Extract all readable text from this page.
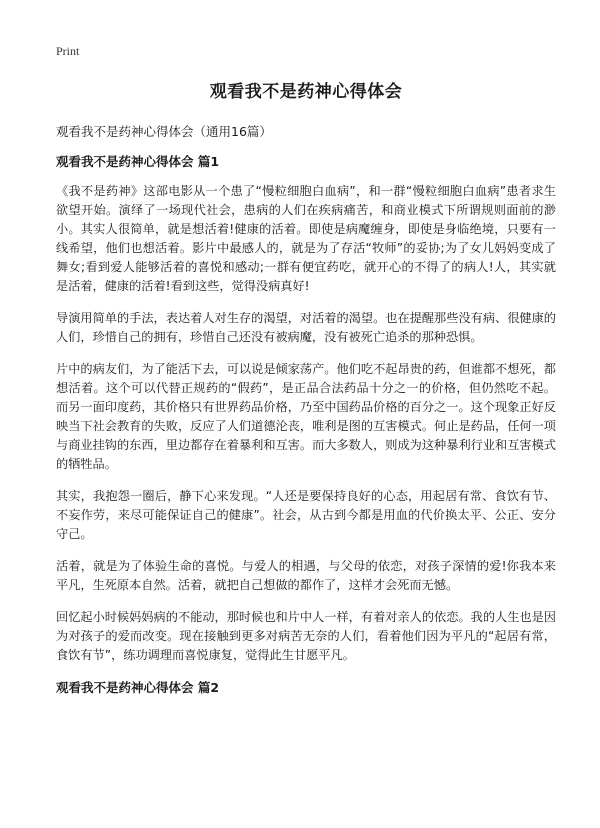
Print
观看我不是药神心得体会
观看我不是药神心得体会（通用16篇）
观看我不是药神心得体会 篇1
《我不是药神》这部电影从一个患了“慢粒细胞白血病”，和一群“慢粒细胞白血病”患者求生欲望开始。演绎了一场现代社会，患病的人们在疾病痛苦，和商业模式下所谓规则面前的渺小。其实人很简单，就是想活着!健康的活着。即使是病魔缠身，即使是身临绝境，只要有一线希望，他们也想活着。影片中最感人的，就是为了存活“牧师”的妥协;为了女儿妈妈变成了舞女;看到爱人能够活着的喜悦和感动;一群有便宜药吃，就开心的不得了的病人!人，其实就是活着，健康的活着!看到这些，觉得没病真好!
导演用简单的手法，表达着人对生存的渴望，对活着的渴望。也在提醒那些没有病、很健康的人们，珍惜自己的拥有，珍惜自己还没有被病魔，没有被死亡追杀的那种恐惧。
片中的病友们，为了能活下去，可以说是倾家荡产。他们吃不起昂贵的药，但谁都不想死，都想活着。这个可以代替正规药的“假药”，是正品合法药品十分之一的价格，但仍然吃不起。而另一面印度药，其价格只有世界药品价格，乃至中国药品价格的百分之一。这个现象正好反映当下社会教育的失败，反应了人们道德沦丧，唯利是图的互害模式。何止是药品，任何一项与商业挂钩的东西，里边都存在着暴利和互害。而大多数人，则成为这种暴利行业和互害模式的牺牲品。
其实，我抱怨一圈后，静下心来发现。“人还是要保持良好的心态，用起居有常、食饮有节、不妄作劳，来尽可能保证自己的健康”。社会，从古到今都是用血的代价换太平、公正、安分守己。
活着，就是为了体验生命的喜悦。与爱人的相遇，与父母的依恋，对孩子深情的爱!你我本来平凡，生死原本自然。活着，就把自己想做的都作了，这样才会死而无憾。
回忆起小时候妈妈病的不能动，那时候也和片中人一样，有着对亲人的依恋。我的人生也是因为对孩子的爱而改变。现在接触到更多对病苦无奈的人们，看着他们因为平凡的“起居有常，食饮有节”，练功调理而喜悦康复，觉得此生甘愿平凡。
观看我不是药神心得体会 篇2
